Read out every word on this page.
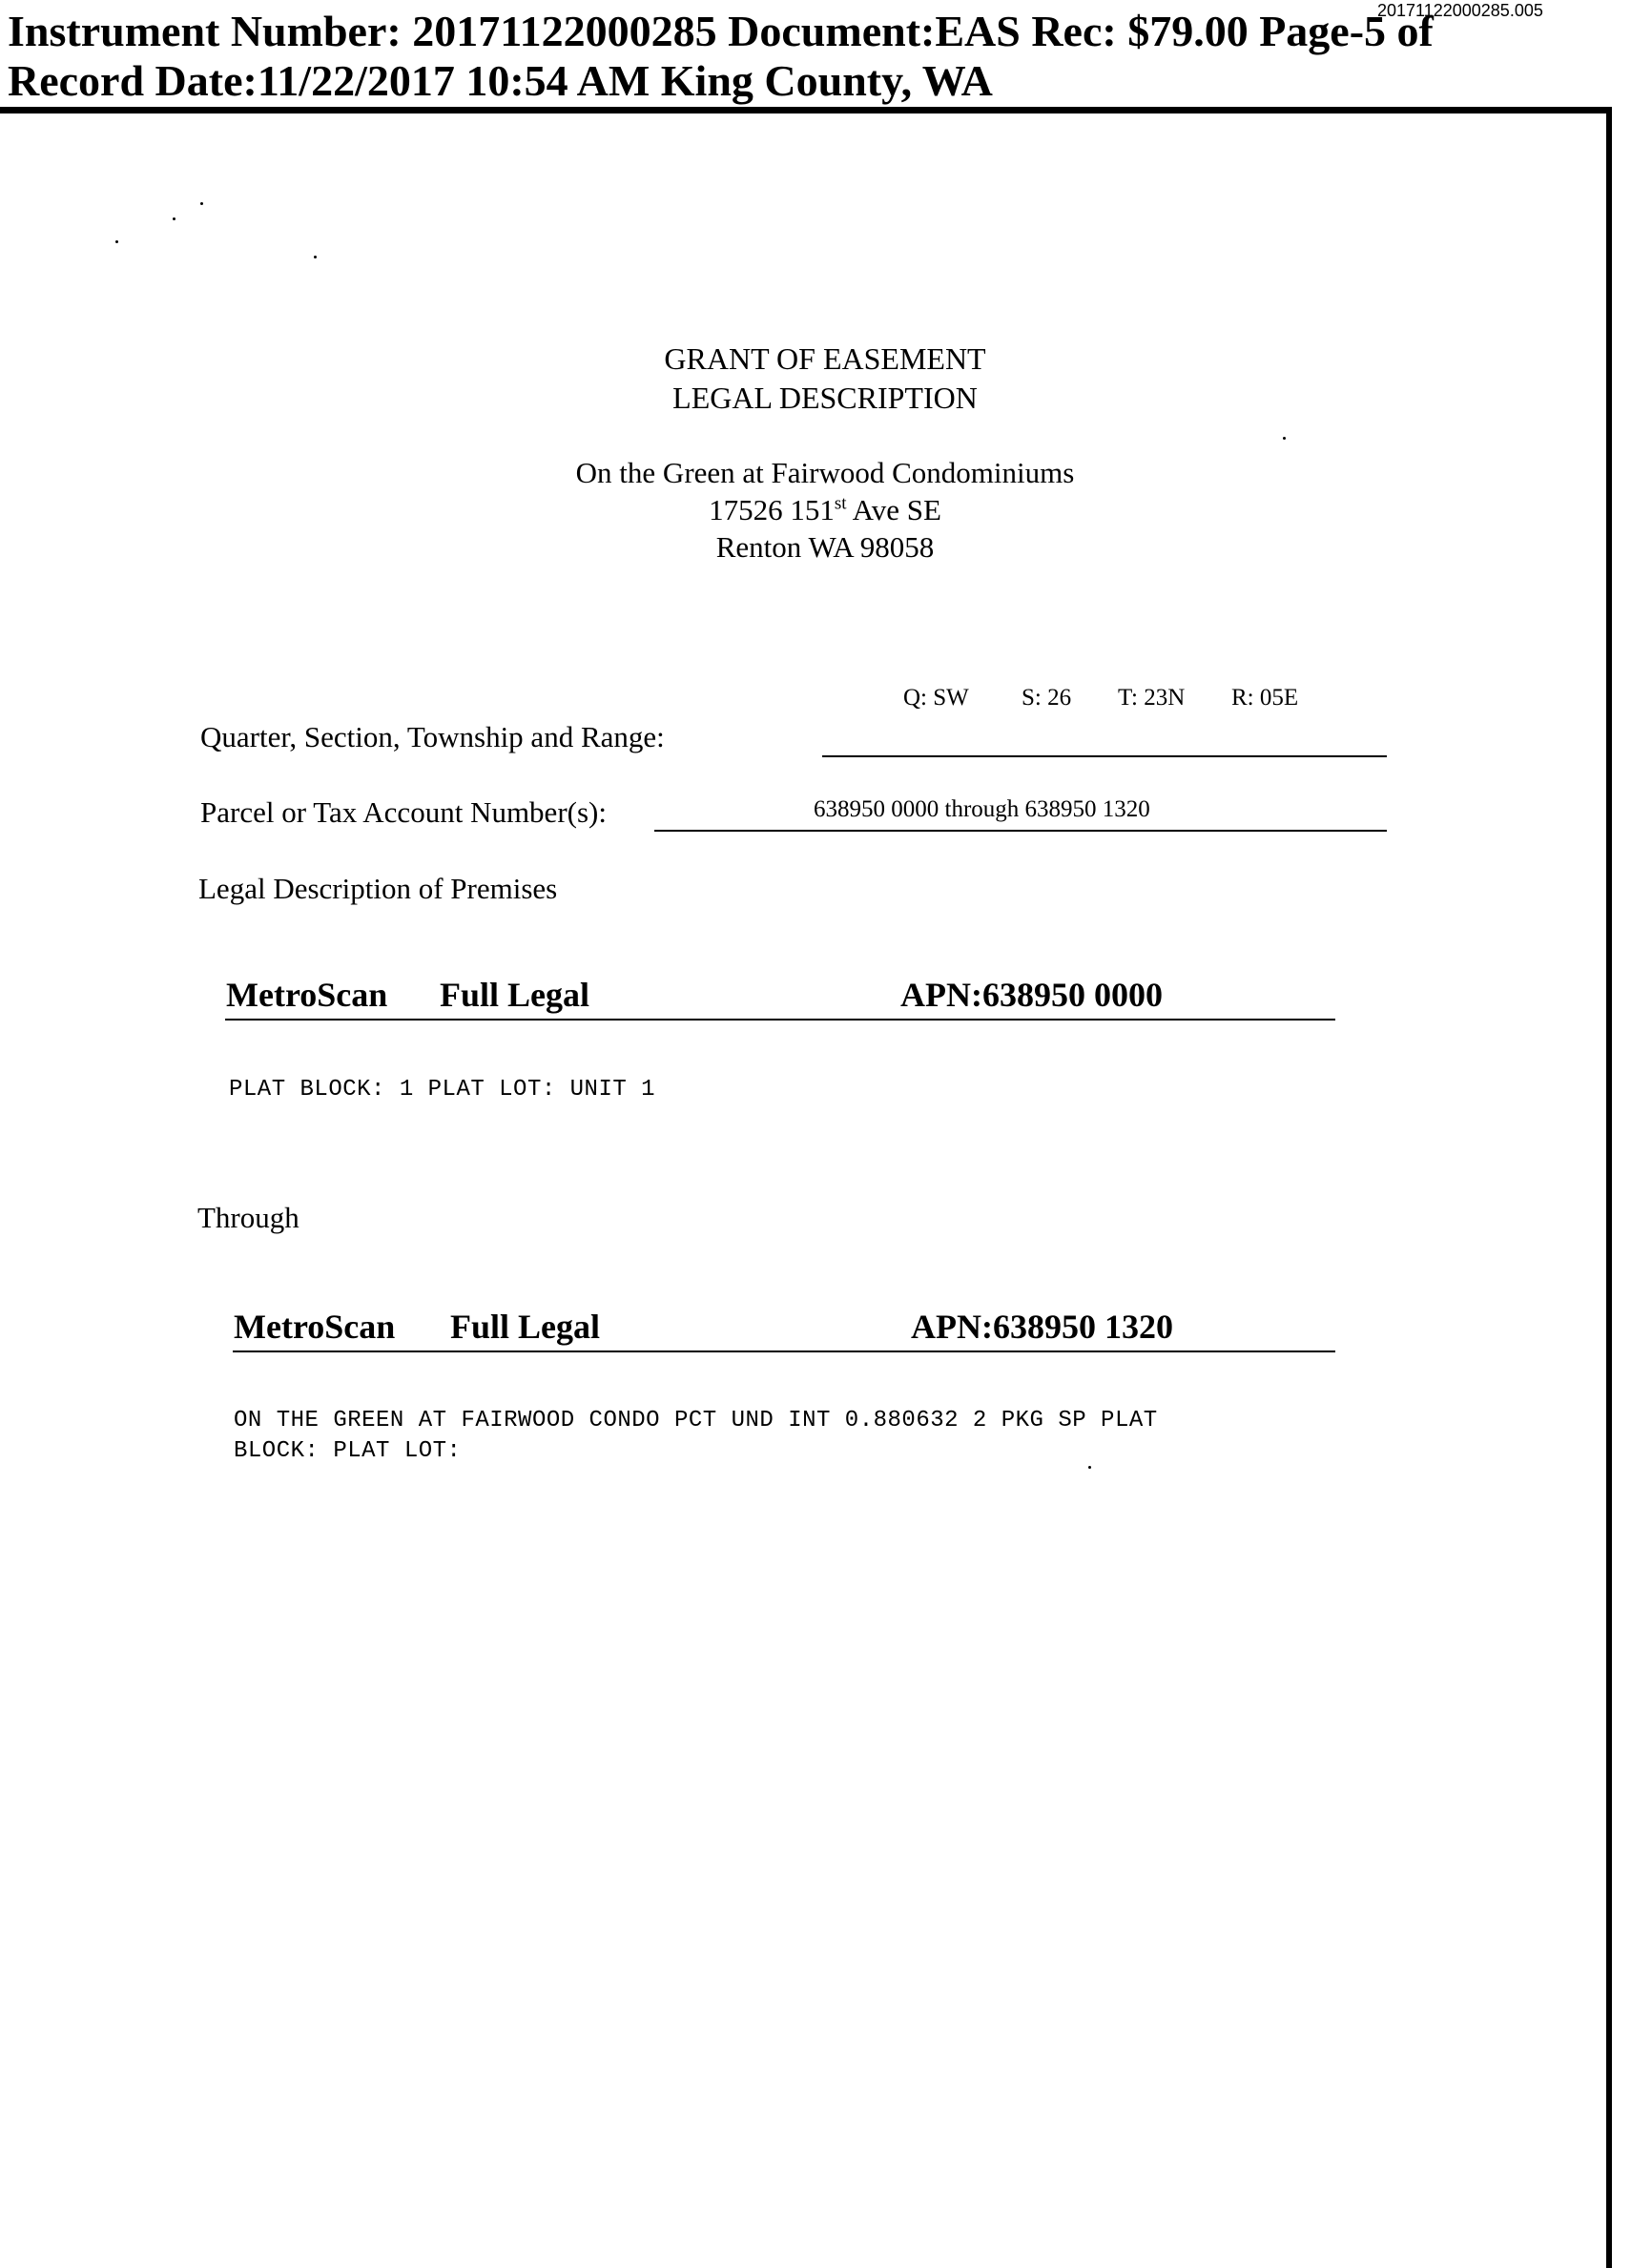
20171122000285.005
Instrument Number: 20171122000285 Document:EAS Rec: $79.00 Page-5 of
Record Date:11/22/2017 10:54 AM King County, WA
GRANT OF EASEMENT
LEGAL DESCRIPTION
On the Green at Fairwood Condominiums
17526 151st Ave SE
Renton WA 98058
Q: SW S: 26 T: 23N R: 05E
Quarter, Section, Township and Range:
Parcel or Tax Account Number(s):	638950 0000 through 638950 1320
Legal Description of Premises
MetroScan Full Legal	APN:638950 0000
PLAT BLOCK: 1 PLAT LOT: UNIT 1
Through
MetroScan Full Legal	APN:638950 1320
ON THE GREEN AT FAIRWOOD CONDO PCT UND INT 0.880632 2 PKG SP PLAT
BLOCK: PLAT LOT:
